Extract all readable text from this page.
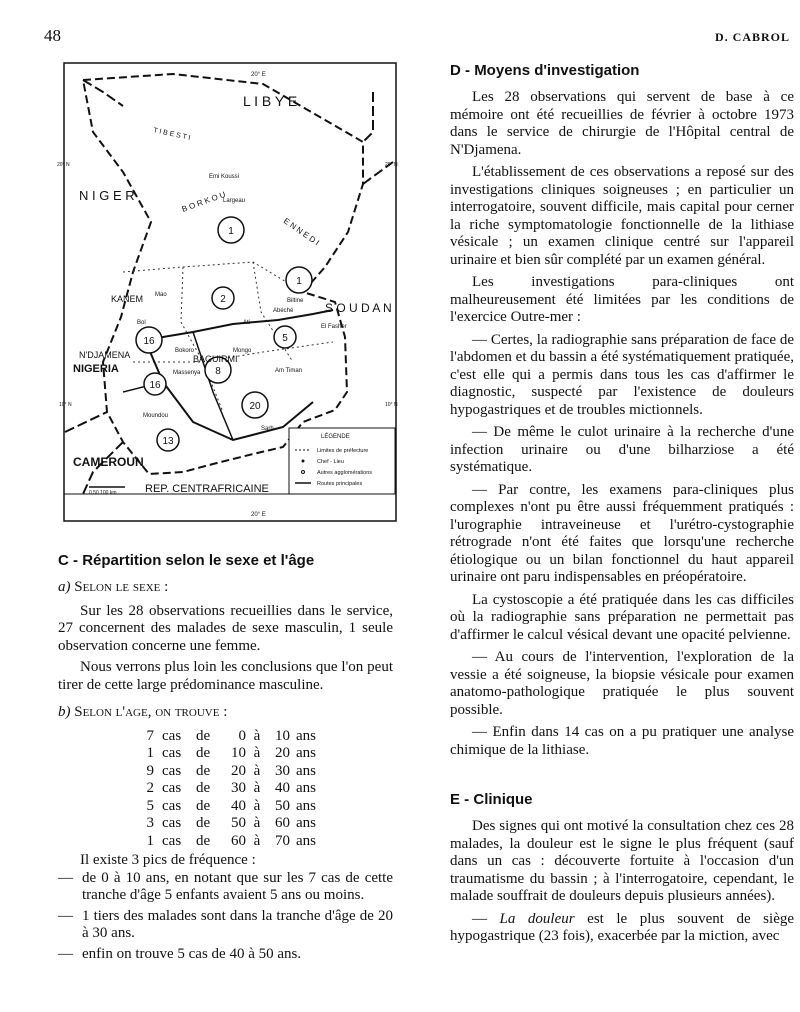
48	D. CABROL
1
1
2
5
8
16
20
13
16
L I B Y E
T I B E S T I
N I G E R	B O R K O U
E N N E D I
S O U D A N
KANEM
N'DJAMENA
NIGERIA
BAGUIRMI
CAMEROUN
REP. CENTRAFRICAINE
El Fasher
Emi Koussi
Largeau
Biltine
Abéché
Ati
Mongo
Bokoro
Am Timan
Sarh
Moundou
Bol
Mao
Massenya
20° E
20° E
20° N	20° N
10° N	10° N
0 50 100 km
LÉGENDE
Limites de préfecture
Chef - Lieu
Autres agglomérations
Routes principales
C - Répartition selon le sexe et l'âge

a) Selon le sexe :

Sur les 28 observations recueillies dans le service, 27 concernent des malades de sexe masculin, 1 seule observation concerne une femme.

Nous verrons plus loin les conclusions que l'on peut tirer de cette large prédominance masculine.

b) Selon l'age, on trouve :

7 cas de	0 à 10 ans
1 cas de	10 à 20 ans
9 cas de	20 à 30 ans
2 cas de	30 à 40 ans
5 cas de	40 à 50 ans
3 cas de	50 à 60 ans
1 cas de	60 à 70 ans

Il existe 3 pics de fréquence :

— de 0 à 10 ans, en notant que sur les 7 cas de cette tranche d'âge 5 enfants avaient 5 ans ou moins.
— 1 tiers des malades sont dans la tranche d'âge de 20 à 30 ans.
— enfin on trouve 5 cas de 40 à 50 ans.
D - Moyens d'investigation

Les 28 observations qui servent de base à ce mémoire ont été recueillies de février à octobre 1973 dans le service de chirurgie de l'Hôpital central de N'Djamena.

L'établissement de ces observations a reposé sur des investigations cliniques soigneuses ; en particulier un interrogatoire, souvent difficile, mais capital pour cerner la riche symptomatologie fonctionnelle de la lithiase vésicale ; un examen clinique centré sur l'appareil urinaire et bien sûr complété par un examen général.

Les investigations para-cliniques ont malheureusement été limitées par les conditions de l'exercice Outre-mer :

— Certes, la radiographie sans préparation de face de l'abdomen et du bassin a été systématiquement pratiquée, c'est elle qui a permis dans tous les cas d'affirmer le diagnostic, suspecté par l'existence de douleurs hypogastriques et de troubles mictionnels.

— De même le culot urinaire à la recherche d'une infection urinaire ou d'une bilharziose a été systématique.

— Par contre, les examens para-cliniques plus complexes n'ont pu être aussi fréquemment pratiqués : l'urographie intraveineuse et l'urétro-cystographie rétrograde n'ont été faites que lorsqu'une recherche étiologique ou un bilan fonctionnel du haut appareil urinaire ont paru indispensables en préopératoire.

La cystoscopie a été pratiquée dans les cas difficiles où la radiographie sans préparation ne permettait pas d'affirmer le calcul vésical devant une opacité pelvienne.

— Au cours de l'intervention, l'exploration de la vessie a été soigneuse, la biopsie vésicale pour examen anatomo-pathologique pratiquée le plus souvent possible.

— Enfin dans 14 cas on a pu pratiquer une analyse chimique de la lithiase.

E - Clinique

Des signes qui ont motivé la consultation chez ces 28 malades, la douleur est le signe le plus fréquent (sauf dans un cas : découverte fortuite à l'occasion d'un traumatisme du bassin ; à l'interrogatoire, cependant, le malade souffrait de douleurs depuis plusieurs années).

— La douleur est le plus souvent de siège hypogastrique (23 fois), exacerbée par la miction, avec
